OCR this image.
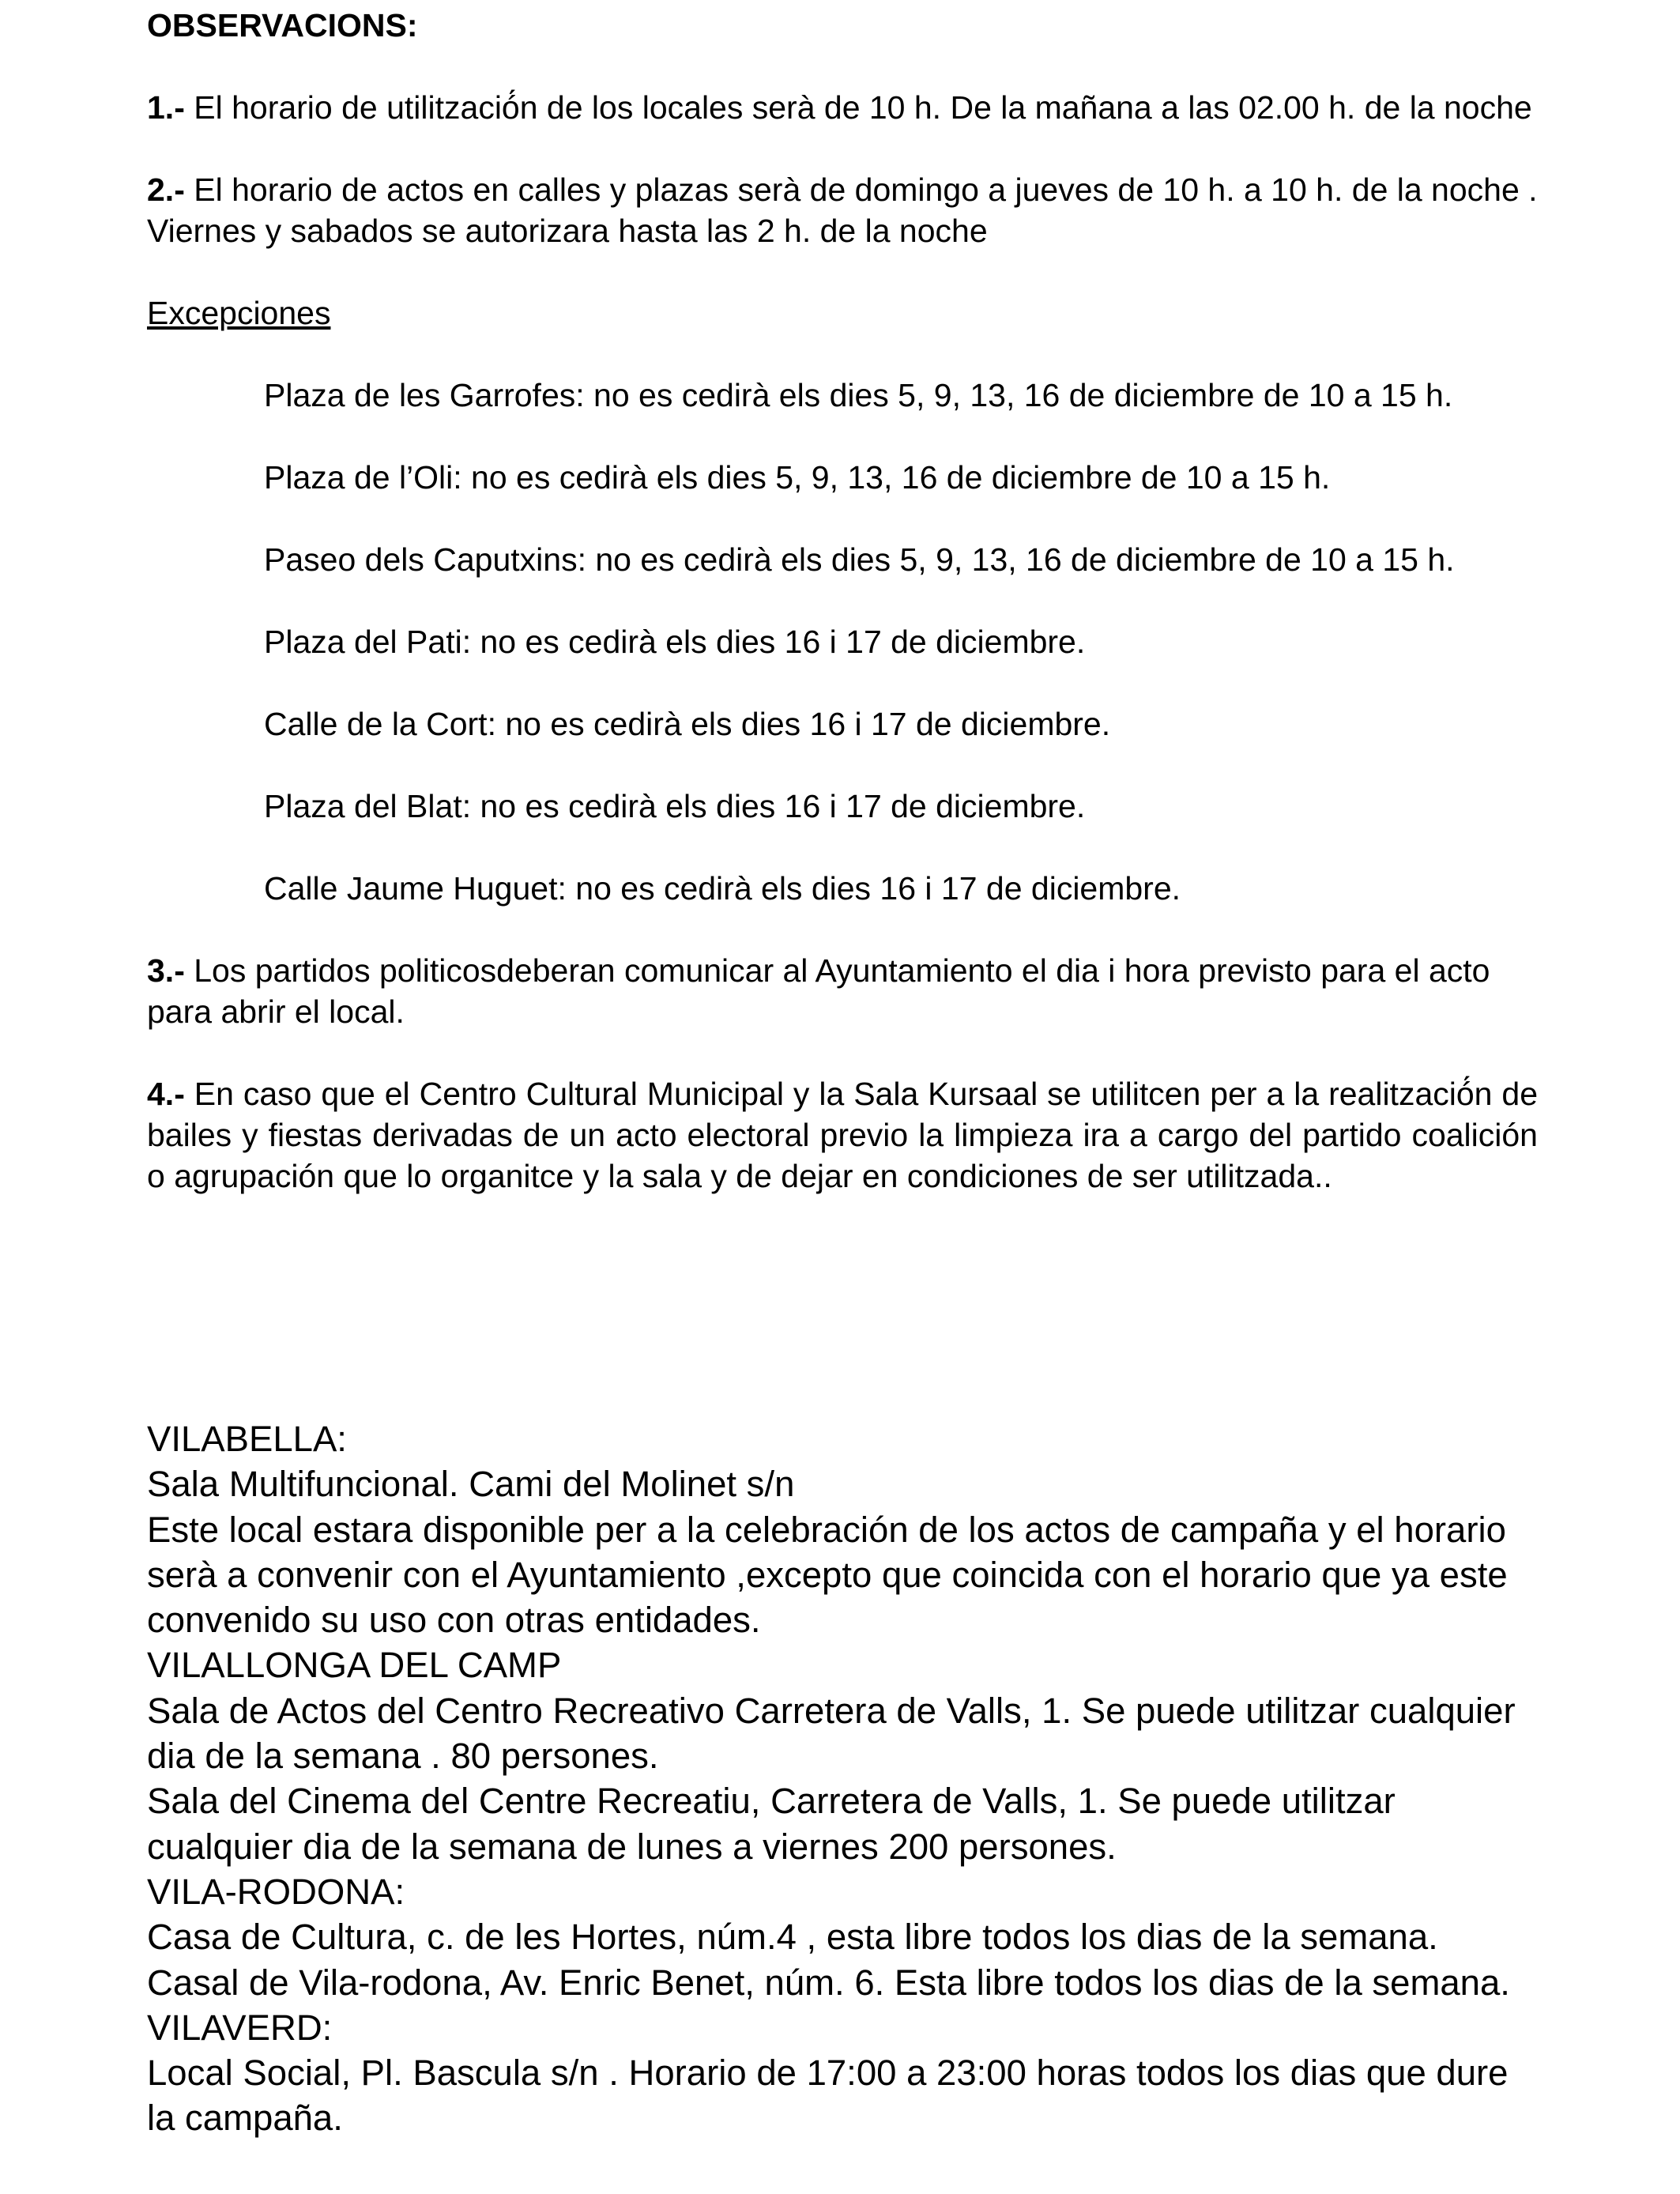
OBSERVACIONS:

1.- El horario de utilització́n de los locales serà de 10 h. De la mañana a las 02.00 h. de la noche

2.- El horario de actos en calles y plazas serà de domingo a jueves de 10 h. a 10 h. de la noche . Viernes y sabados se autorizara hasta las 2 h. de la noche

Excepciones

Plaza de les Garrofes: no es cedirà els dies 5, 9, 13, 16 de diciembre de 10 a 15 h.

Plaza de l’Oli: no es cedirà els dies 5, 9, 13, 16 de diciembre de 10 a 15 h.

Paseo dels Caputxins: no es cedirà els dies 5, 9, 13, 16 de diciembre de 10 a 15 h.

Plaza del Pati: no es cedirà els dies 16 i 17 de diciembre.

Calle de la Cort: no es cedirà els dies 16 i 17 de diciembre.

Plaza del Blat: no es cedirà els dies 16 i 17 de diciembre.

Calle Jaume Huguet: no es cedirà els dies 16 i 17 de diciembre.

3.- Los partidos politicosdeberan comunicar al Ayuntamiento el dia i hora previsto para el acto para abrir el local.

4.- En caso que el Centro Cultural Municipal y la Sala Kursaal se utilitcen per a la realització́n de bailes y fiestas derivadas de un acto electoral previo la limpieza ira a cargo del partido coalición o agrupación que lo organitce y la sala y de dejar en condiciones de ser utilitzada..

VILABELLA:

Sala Multifuncional. Cami del Molinet s/n

Este local estara disponible per a la celebración de los actos de campaña y el horario serà a convenir con el Ayuntamiento ,excepto que coincida con el horario que ya este convenido su uso con otras entidades.

VILALLONGA DEL CAMP

Sala de Actos del Centro Recreativo Carretera de Valls, 1. Se puede utilitzar cualquier dia de la semana . 80 persones.

Sala del Cinema del Centre Recreatiu, Carretera de Valls, 1. Se puede utilitzar cualquier dia de la semana de lunes a viernes 200 persones.

VILA-RODONA:

Casa de Cultura, c. de les Hortes, núm.4 , esta libre todos los dias de la semana.

Casal de Vila-rodona, Av. Enric Benet, núm. 6. Esta libre todos los dias de la semana. VILAVERD:

Local Social, Pl. Bascula s/n . Horario de 17:00 a 23:00 horas todos los dias que dure la campaña.
